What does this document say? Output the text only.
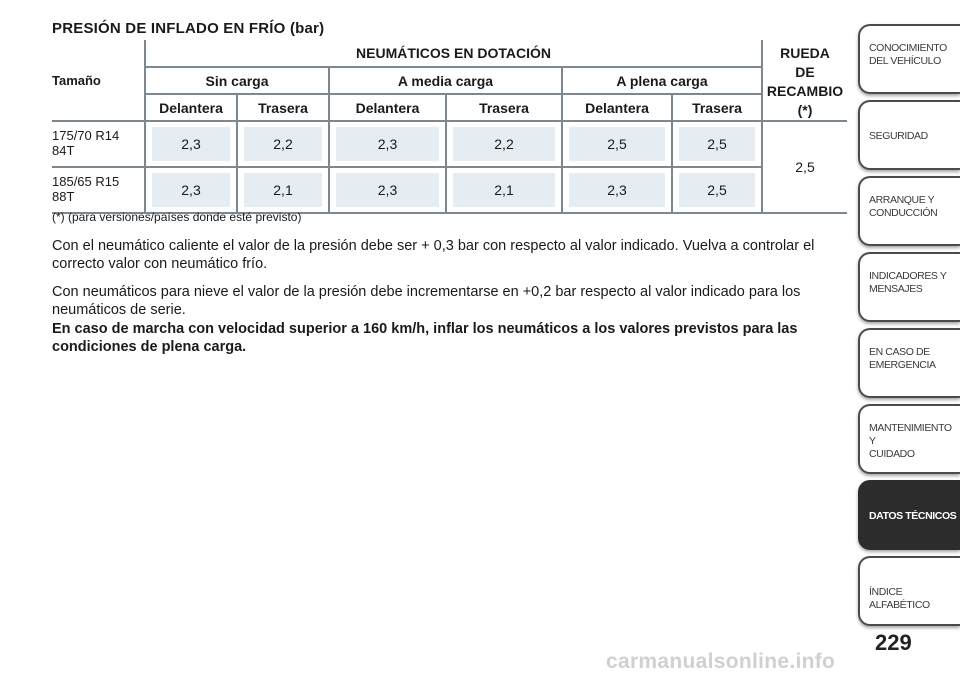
PRESIÓN DE INFLADO EN FRÍO (bar)
Tamaño	NEUMÁTICOS EN DOTACIÓN						RUEDA
DE
RECAMBIO
(*)

	Sin carga		A media carga		A plena carga		
	Delantera	Trasera	Delantera	Trasera	Delantera	Trasera	

175/70 R14
84T	2,3	2,2	2,3	2,2	2,5	2,5	2,5

185/65 R15
88T	2,3	2,1	2,3	2,1	2,3	2,5	
(*) (para versiones/países donde esté previsto)
Con el neumático caliente el valor de la presión debe ser + 0,3 bar con respecto al valor indicado. Vuelva a controlar el correcto valor con neumático frío.
Con neumáticos para nieve el valor de la presión debe incrementarse en +0,2 bar respecto al valor indicado para los neumáticos de serie.
En caso de marcha con velocidad superior a 160 km/h, inflar los neumáticos a los valores previstos para las condiciones de plena carga.
CONOCIMIENTO
DEL VEHÍCULO
SEGURIDAD
ARRANQUE Y
CONDUCCIÓN
INDICADORES Y
MENSAJES
EN CASO DE
EMERGENCIA
MANTENIMIENTO Y
CUIDADO
DATOS TÉCNICOS
ÍNDICE ALFABÉTICO
229
carmanualsonline.info
